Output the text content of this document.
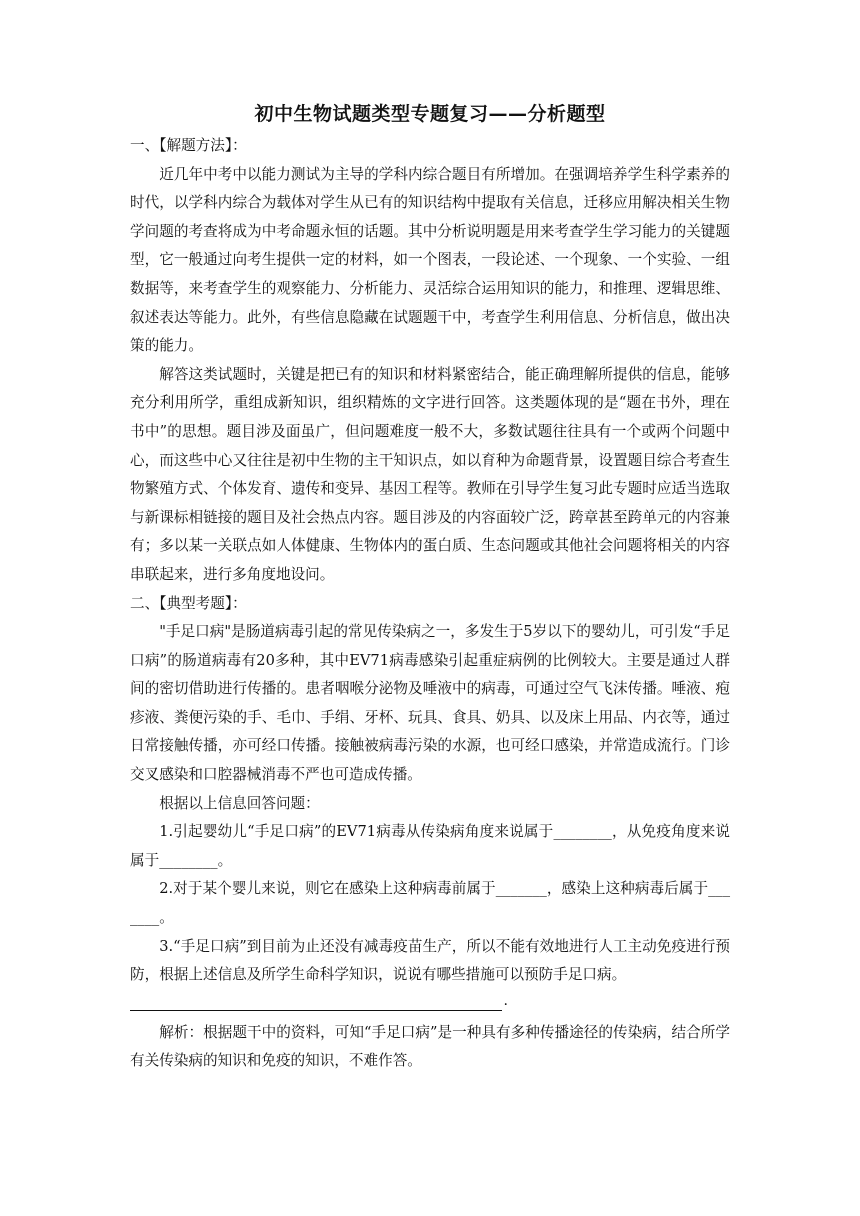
初中生物试题类型专题复习——分析题型

一、【解题方法】：

近几年中考中以能力测试为主导的学科内综合题目有所增加。在强调培养学生科学素养的时代，以学科内综合为载体对学生从已有的知识结构中提取有关信息，迁移应用解决相关生物学问题的考查将成为中考命题永恒的话题。其中分析说明题是用来考查学生学习能力的关键题型，它一般通过向考生提供一定的材料，如一个图表，一段论述、一个现象、一个实验、一组数据等，来考查学生的观察能力、分析能力、灵活综合运用知识的能力，和推理、逻辑思维、叙述表达等能力。此外，有些信息隐藏在试题题干中，考查学生利用信息、分析信息，做出决策的能力。

解答这类试题时，关键是把已有的知识和材料紧密结合，能正确理解所提供的信息，能够充分利用所学，重组成新知识，组织精炼的文字进行回答。这类题体现的是“题在书外，理在书中”的思想。题目涉及面虽广，但问题难度一般不大，多数试题往往具有一个或两个问题中心，而这些中心又往往是初中生物的主干知识点，如以育种为命题背景，设置题目综合考查生物繁殖方式、个体发育、遗传和变异、基因工程等。教师在引导学生复习此专题时应适当选取与新课标相链接的题目及社会热点内容。题目涉及的内容面较广泛，跨章甚至跨单元的内容兼有；多以某一关联点如人体健康、生物体内的蛋白质、生态问题或其他社会问题将相关的内容串联起来，进行多角度地设问。

二、【典型考题】：

"手足口病"是肠道病毒引起的常见传染病之一，多发生于5岁以下的婴幼儿，可引发“手足口病”的肠道病毒有20多种，其中EV71病毒感染引起重症病例的比例较大。主要是通过人群间的密切借助进行传播的。患者咽喉分泌物及唾液中的病毒，可通过空气飞沫传播。唾液、疱疹液、粪便污染的手、毛巾、手绢、牙杯、玩具、食具、奶具、以及床上用品、内衣等，通过日常接触传播，亦可经口传播。接触被病毒污染的水源，也可经口感染，并常造成流行。门诊交叉感染和口腔器械消毒不严也可造成传播。

根据以上信息回答问题：

1.引起婴幼儿“手足口病”的EV71病毒从传染病角度来说属于________，从免疫角度来说属于________。

2.对于某个婴儿来说，则它在感染上这种病毒前属于_______，感染上这种病毒后属于_______。

3.“手足口病”到目前为止还没有减毒疫苗生产，所以不能有效地进行人工主动免疫进行预防，根据上述信息及所学生命科学知识，说说有哪些措施可以预防手足口病。

.

解析：根据题干中的资料，可知“手足口病”是一种具有多种传播途径的传染病，结合所学有关传染病的知识和免疫的知识，不难作答。
